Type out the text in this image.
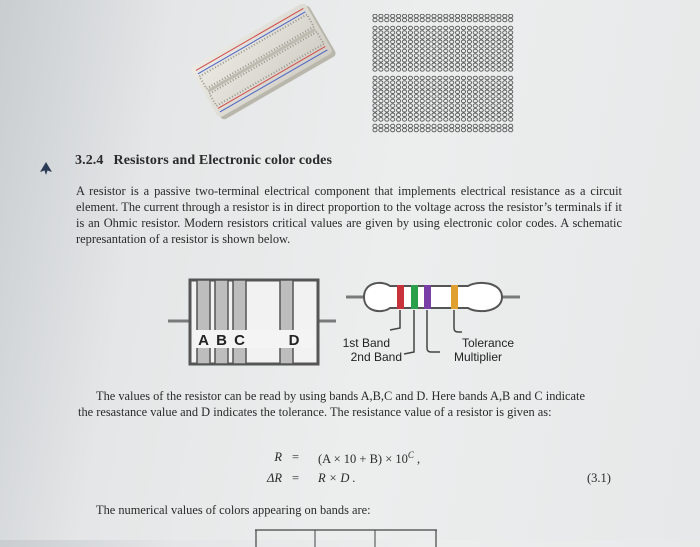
3.2.4 Resistors and Electronic color codes
A resistor is a passive two-terminal electrical component that implements electrical resistance as a circuit element. The current through a resistor is in direct proportion to the voltage across the resistor’s terminals if it is an Ohmic resistor. Modern resistors critical values are given by using electronic color codes. A schematic represantation of a resistor is shown below.
A B C	D	1st Band
2nd Band
Tolerance
Multiplier
The values of the resistor can be read by using bands A,B,C and D. Here bands A,B and C indicate
the resastance value and D indicates the tolerance. The resistance value of a resistor is given as:
$R = (A \times 10 + B) \times 10^C$ ,
ΔR = R × D .	(3.1)
The numerical values of colors appearing on bands are:
